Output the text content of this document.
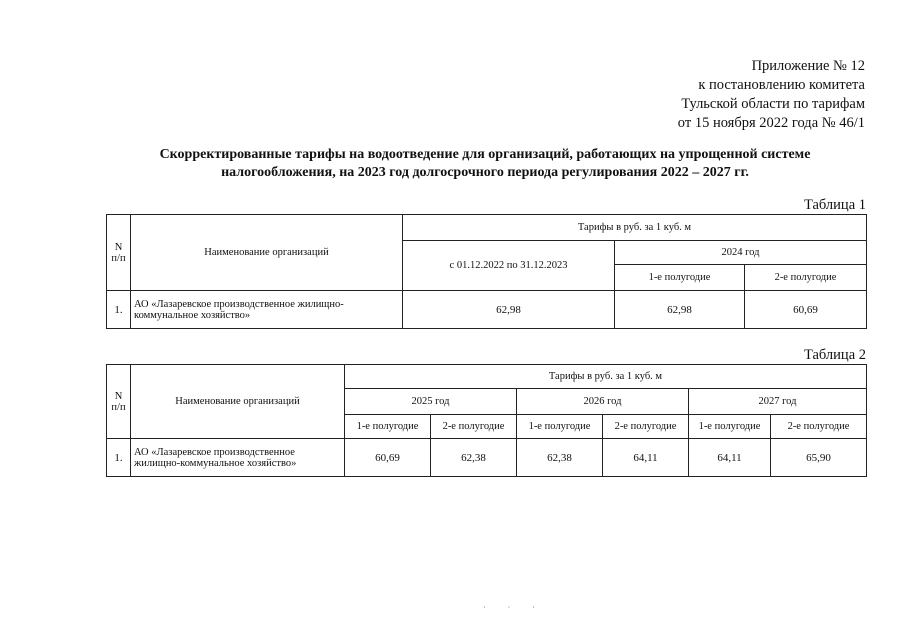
Приложение № 12
к постановлению комитета
Тульской области по тарифам
от 15 ноября 2022 года № 46/1
Скорректированные тарифы на водоотведение для организаций, работающих на упрощенной системе
налогообложения, на 2023 год долгосрочного периода регулирования 2022 – 2027 гг.
Таблица 1
N п/п	Наименование организаций	Тарифы в руб. за 1 куб. м		
		с 01.12.2022 по 31.12.2023	2024 год	
			1-е полугодие	2-е полугодие
1.	АО «Лазаревское производственное жилищно-коммунальное хозяйство»	62,98	62,98	60,69
Таблица 2
N п/п	Наименование организаций	Тарифы в руб. за 1 куб. м					
		2025 год		2026 год		2027 год	
		1-е полугодие	2-е полугодие	1-е полугодие	2-е полугодие	1-е полугодие	2-е полугодие
1.	АО «Лазаревское производственное жилищно-коммунальное хозяйство»	60,69	62,38	62,38	64,11	64,11	65,90
· · ·
